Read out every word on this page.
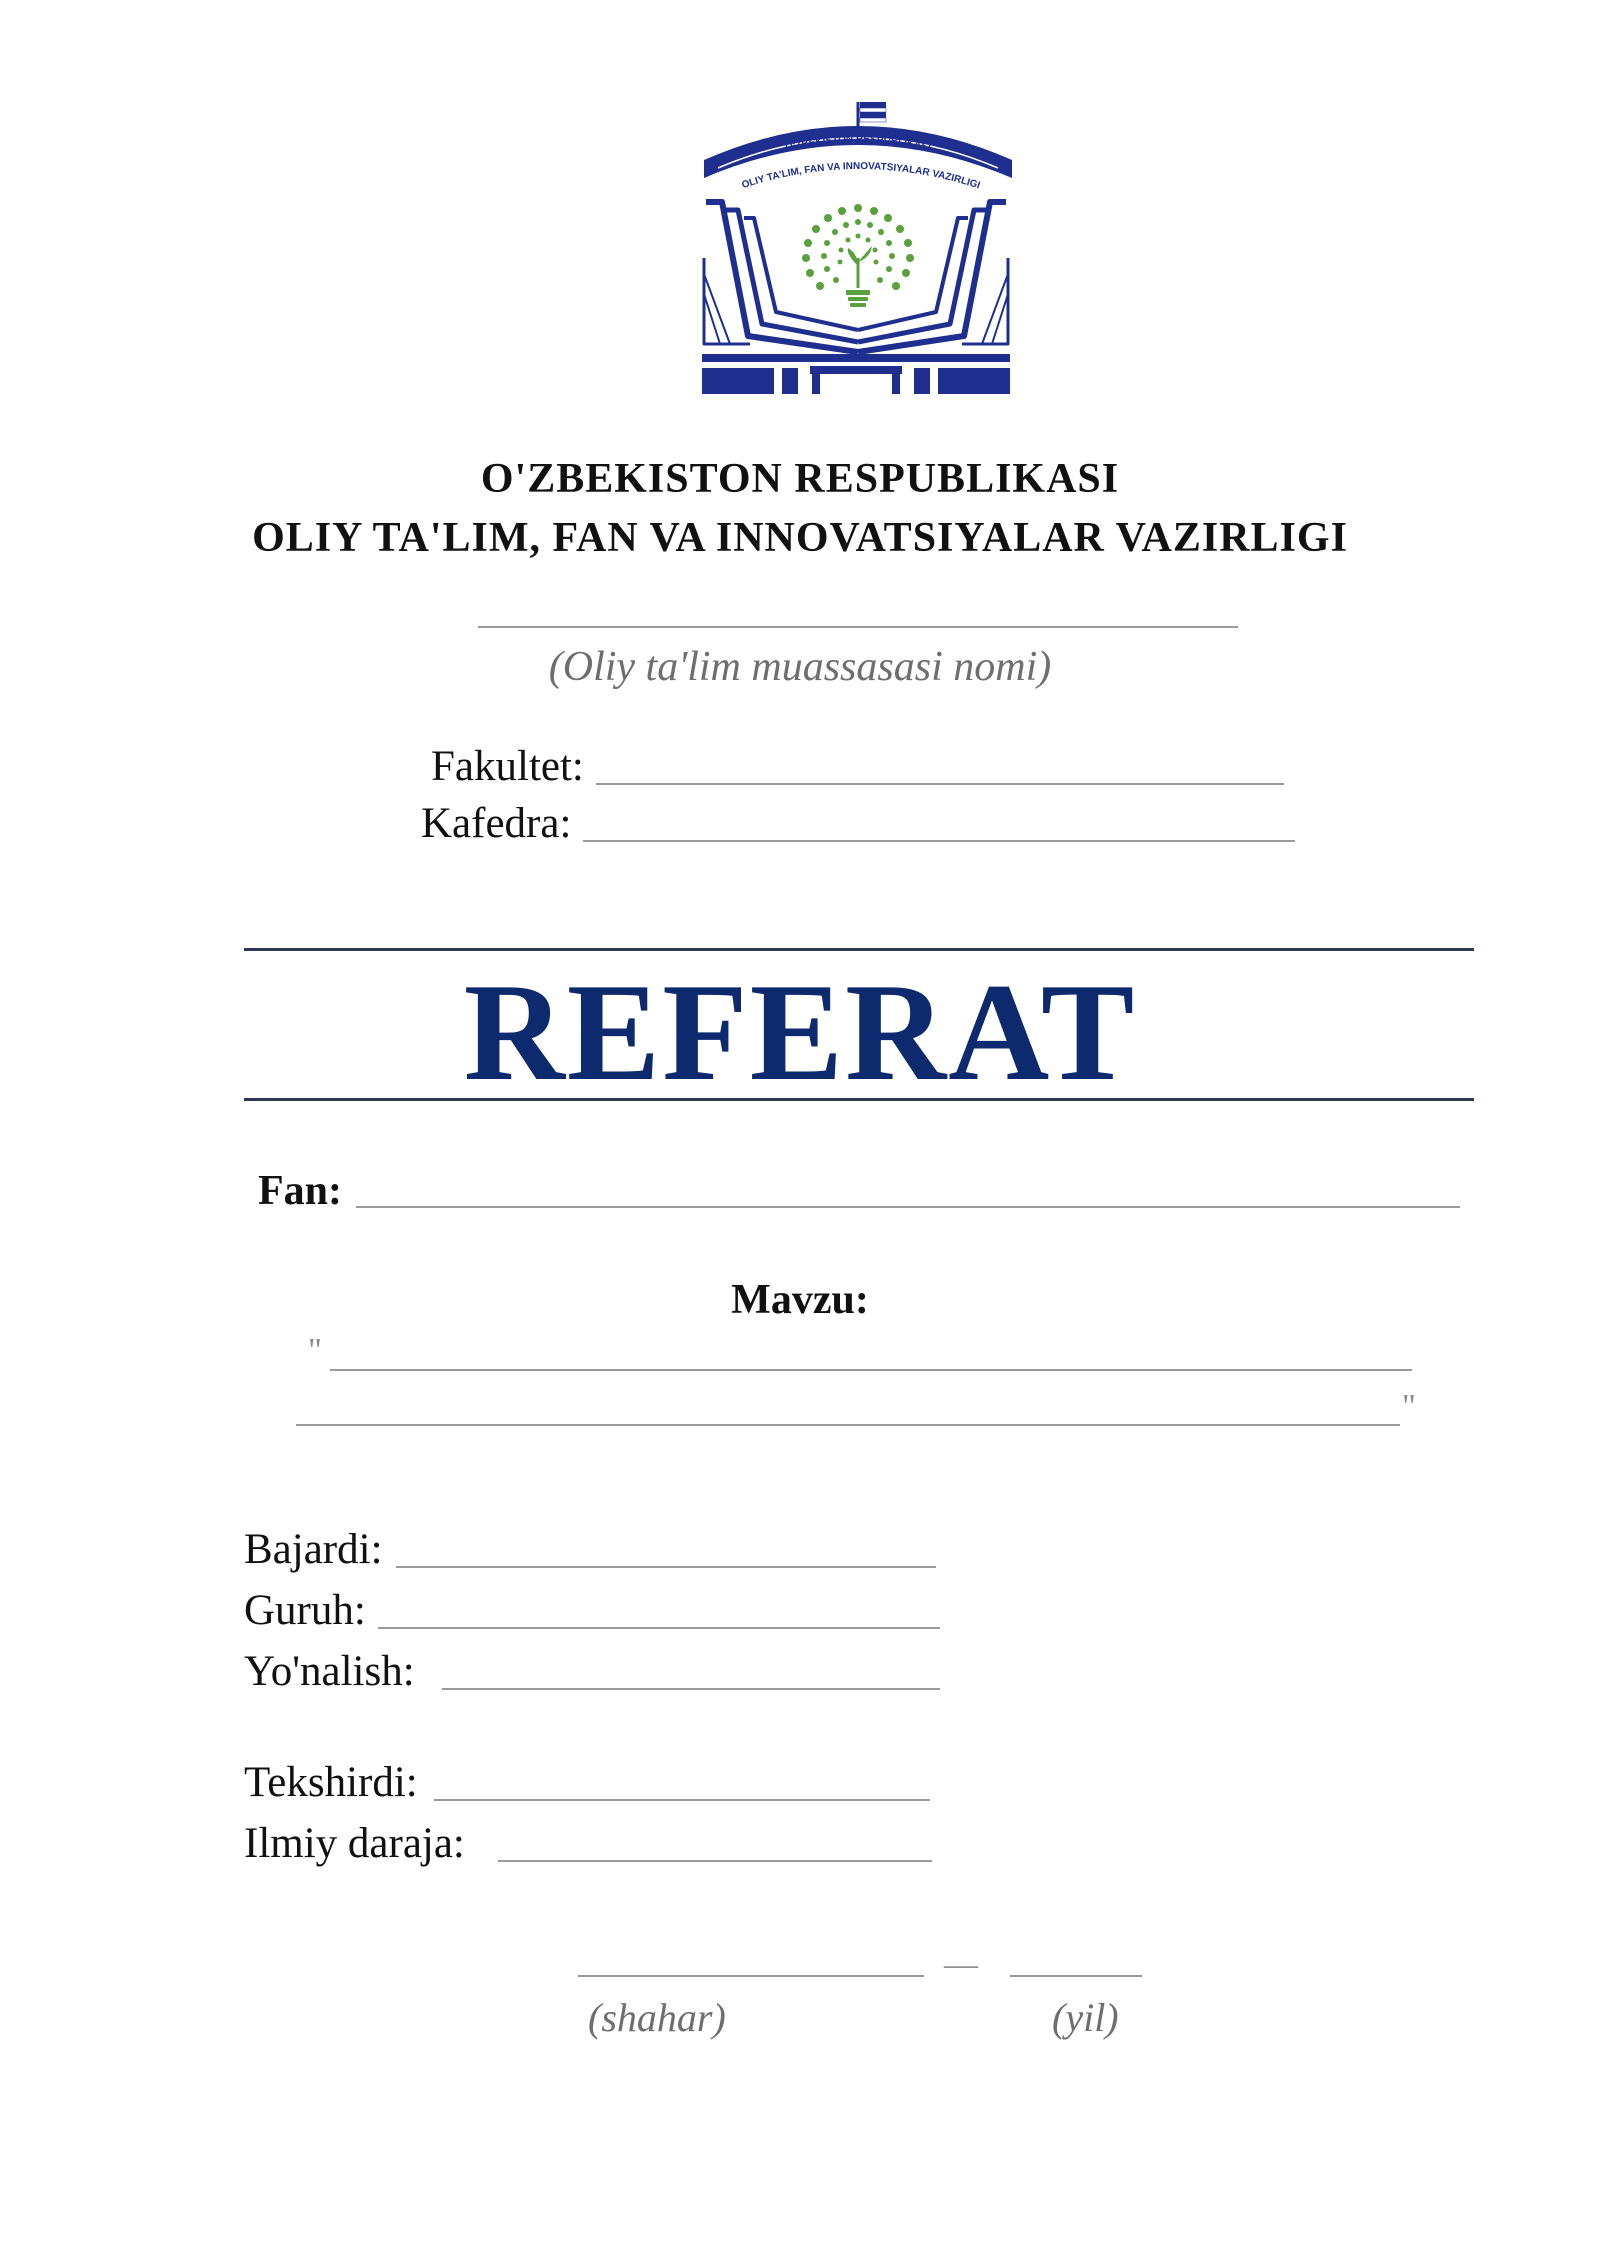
O'ZBEKISTON RESPUBLIKASI
OLIY TA'LIM, FAN VA INNOVATSIYALAR VAZIRLIGI
O'ZBEKISTON RESPUBLIKASI
OLIY TA'LIM, FAN VA INNOVATSIYALAR VAZIRLIGI
(Oliy ta'lim muassasasi nomi)
Fakultet:
Kafedra:
REFERAT
Fan:
Mavzu:
"
"
Bajardi:
Guruh:
Yo'nalish:
Tekshirdi:
Ilmiy daraja:
—
(shahar)	(yil)
